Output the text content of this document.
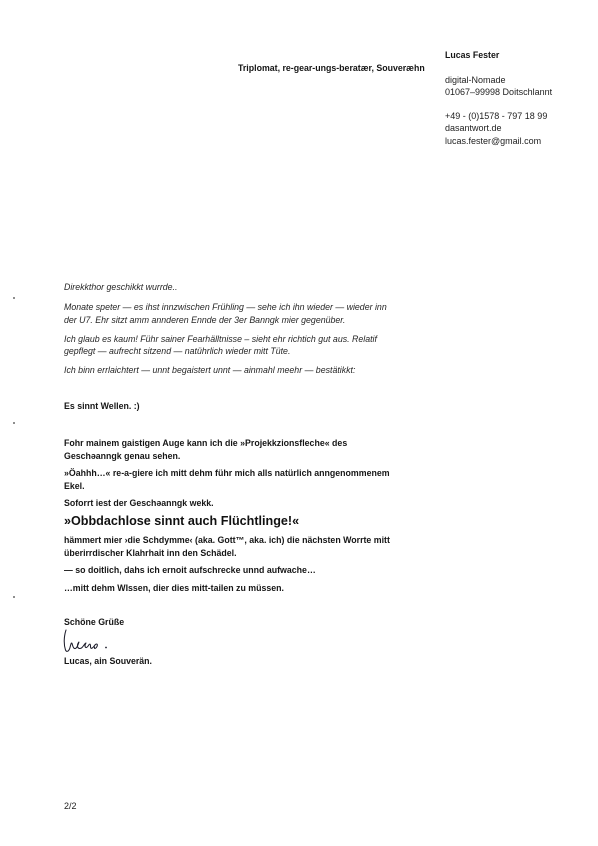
Lucas Fester
Triplomat, re-gear-ungs-beratær, Souveræhn
digital-Nomade
01067–99998 Doitschlannt
+49 - (0)1578 - 797 18 99
dasantwort.de
lucas.fester@gmail.com
Direkkthor geschikkt wurrde..
Monate speter — es ihst innzwischen Frühling — sehe ich ihn wieder — wieder inn
der U7. Ehr sitzt amm annderen Ennde der 3er Banngk mier gegenüber.
Ich glaub es kaum! Führ sainer Fearhälltnisse – sieht ehr richtich gut aus. Relatif
gepflegt — aufrecht sitzend — natührlich wieder mitt Tüte.
Ich binn errlaichtert — unnt begaistert unnt — ainmahl meehr — bestätikkt:
Es sinnt Wellen. :)
Fohr mainem gaistigen Auge kann ich die »Projekkzionsfleche« des
Geschəanngk genau sehen.
»Öahhh…« re-a-giere ich mitt dehm führ mich alls natürlich anngenommenem
Ekel.
Soforrt iest der Geschəanngk wekk.
»Obbdachlose sinnt auch Flüchtlinge!«
hämmert mier ›die Schdymme‹ (aka. Gott™, aka. ich) die nächsten Worrte mitt
überirrdischer Klahrhait inn den Schädel.
— so doitlich, dahs ich ernoit aufschrecke unnd aufwache…
…mitt dehm WIssen, dier dies mitt-tailen zu müssen.
Schöne Grüße
Lucas, ain Souverän.
2/2
